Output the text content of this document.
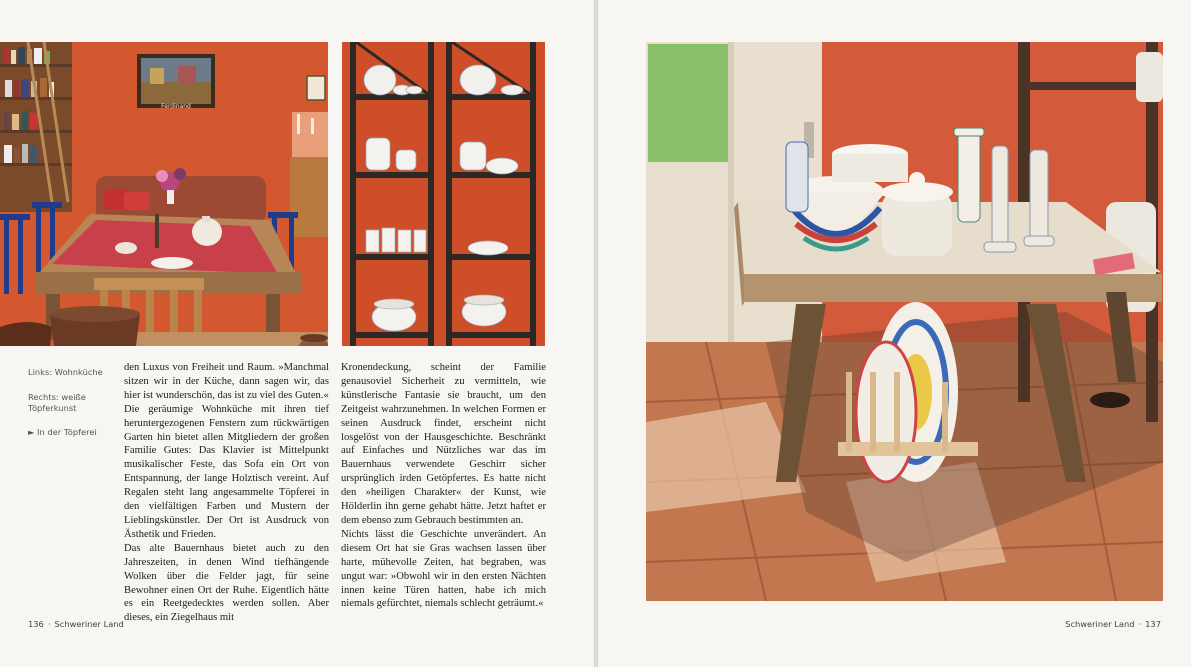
Ferdinand
Links: Wohnküche
Rechts: weiße Töpferkunst
► In der Töpferei

den Luxus von Freiheit und Raum. »Manchmal sitzen wir in der Küche, dann sagen wir, das hier ist wunderschön, das ist zu viel des Guten.«

Die geräumige Wohnküche mit ihren tief heruntergezogenen Fenstern zum rückwärtigen Garten hin bietet allen Mitgliedern der großen Familie Gutes: Das Klavier ist Mittelpunkt musikalischer Feste, das Sofa ein Ort von Entspannung, der lange Holztisch vereint. Auf Regalen steht lang angesammelte Töpferei in den vielfältigen Farben und Mustern der Lieblingskünstler. Der Ort ist Ausdruck von Ästhetik und Frieden.

Das alte Bauernhaus bietet auch zu den Jahreszeiten, in denen Wind tiefhängende Wolken über die Felder jagt, für seine Bewohner einen Ort der Ruhe. Eigentlich hätte es ein Reetgedecktes werden sollen. Aber dieses, ein Ziegelhaus mit

Kronendeckung, scheint der Familie genausoviel Sicherheit zu vermitteln, wie künstlerische Fantasie sie braucht, um den Zeitgeist wahrzunehmen. In welchen Formen er seinen Ausdruck findet, erscheint nicht losgelöst von der Hausgeschichte. Beschränkt auf Einfaches und Nützliches war das im Bauernhaus verwendete Geschirr sicher ursprünglich irden Getöpfertes. Es hatte nicht den »heiligen Charakter« der Kunst, wie Hölderlin ihn gerne gehabt hätte. Jetzt haftet er dem ebenso zum Gebrauch bestimmten an.

Nichts lässt die Geschichte unverändert. An diesem Ort hat sie Gras wachsen lassen über harte, mühevolle Zeiten, hat begraben, was ungut war: »Obwohl wir in den ersten Nächten innen keine Türen hatten, habe ich mich niemals gefürchtet, niemals schlecht geträumt.«

136 · Schweriner Land	Schweriner Land · 137
